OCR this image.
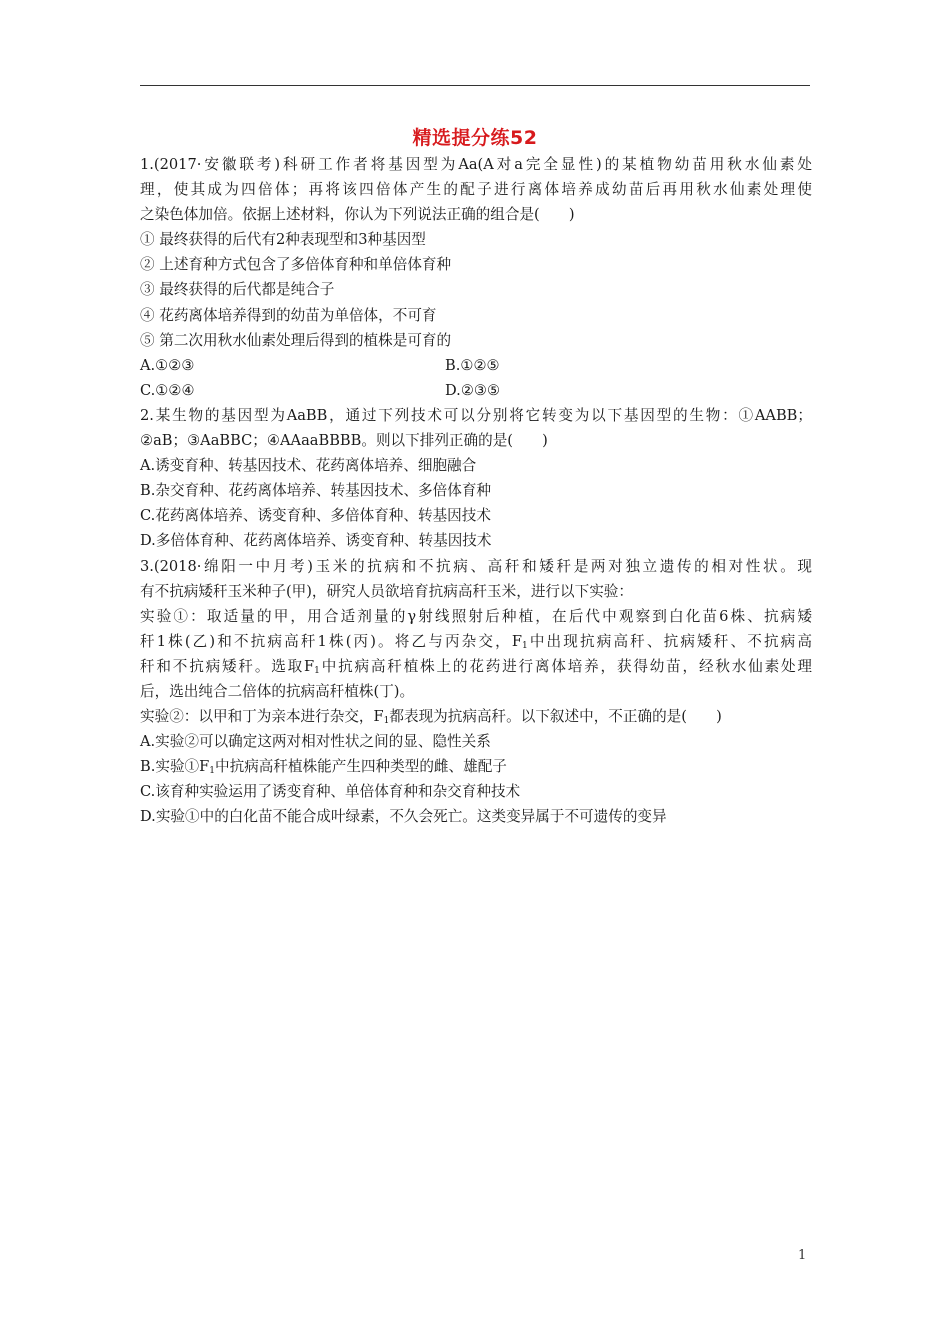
精选提分练52
1.(2017·安徽联考)科研工作者将基因型为Aa(A对a完全显性)的某植物幼苗用秋水仙素处
理，使其成为四倍体；再将该四倍体产生的配子进行离体培养成幼苗后再用秋水仙素处理使
之染色体加倍。依据上述材料，你认为下列说法正确的组合是(　　)
① 最终获得的后代有2种表现型和3种基因型
② 上述育种方式包含了多倍体育种和单倍体育种
③ 最终获得的后代都是纯合子
④ 花药离体培养得到的幼苗为单倍体，不可育
⑤ 第二次用秋水仙素处理后得到的植株是可育的
A.①②③	B.①②⑤
C.①②④	D.②③⑤
2.某生物的基因型为AaBB，通过下列技术可以分别将它转变为以下基因型的生物：①AABB；
②aB；③AaBBC；④AAaaBBBB。则以下排列正确的是(　　)
A.诱变育种、转基因技术、花药离体培养、细胞融合
B.杂交育种、花药离体培养、转基因技术、多倍体育种
C.花药离体培养、诱变育种、多倍体育种、转基因技术
D.多倍体育种、花药离体培养、诱变育种、转基因技术
3.(2018·绵阳一中月考)玉米的抗病和不抗病、高秆和矮秆是两对独立遗传的相对性状。现
有不抗病矮秆玉米种子(甲)，研究人员欲培育抗病高秆玉米，进行以下实验：
实验①：取适量的甲，用合适剂量的γ射线照射后种植，在后代中观察到白化苗6株、抗病矮
秆1株(乙)和不抗病高秆1株(丙)。将乙与丙杂交，$F_1$中出现抗病高秆、抗病矮秆、不抗病高
秆和不抗病矮秆。选取$F_1$中抗病高秆植株上的花药进行离体培养，获得幼苗，经秋水仙素处理
后，选出纯合二倍体的抗病高秆植株(丁)。
实验②：以甲和丁为亲本进行杂交，$F_1$都表现为抗病高秆。以下叙述中，不正确的是(　　)
A.实验②可以确定这两对相对性状之间的显、隐性关系
B.实验$①F_1$中抗病高秆植株能产生四种类型的雌、雄配子
C.该育种实验运用了诱变育种、单倍体育种和杂交育种技术
D.实验①中的白化苗不能合成叶绿素，不久会死亡。这类变异属于不可遗传的变异
1
